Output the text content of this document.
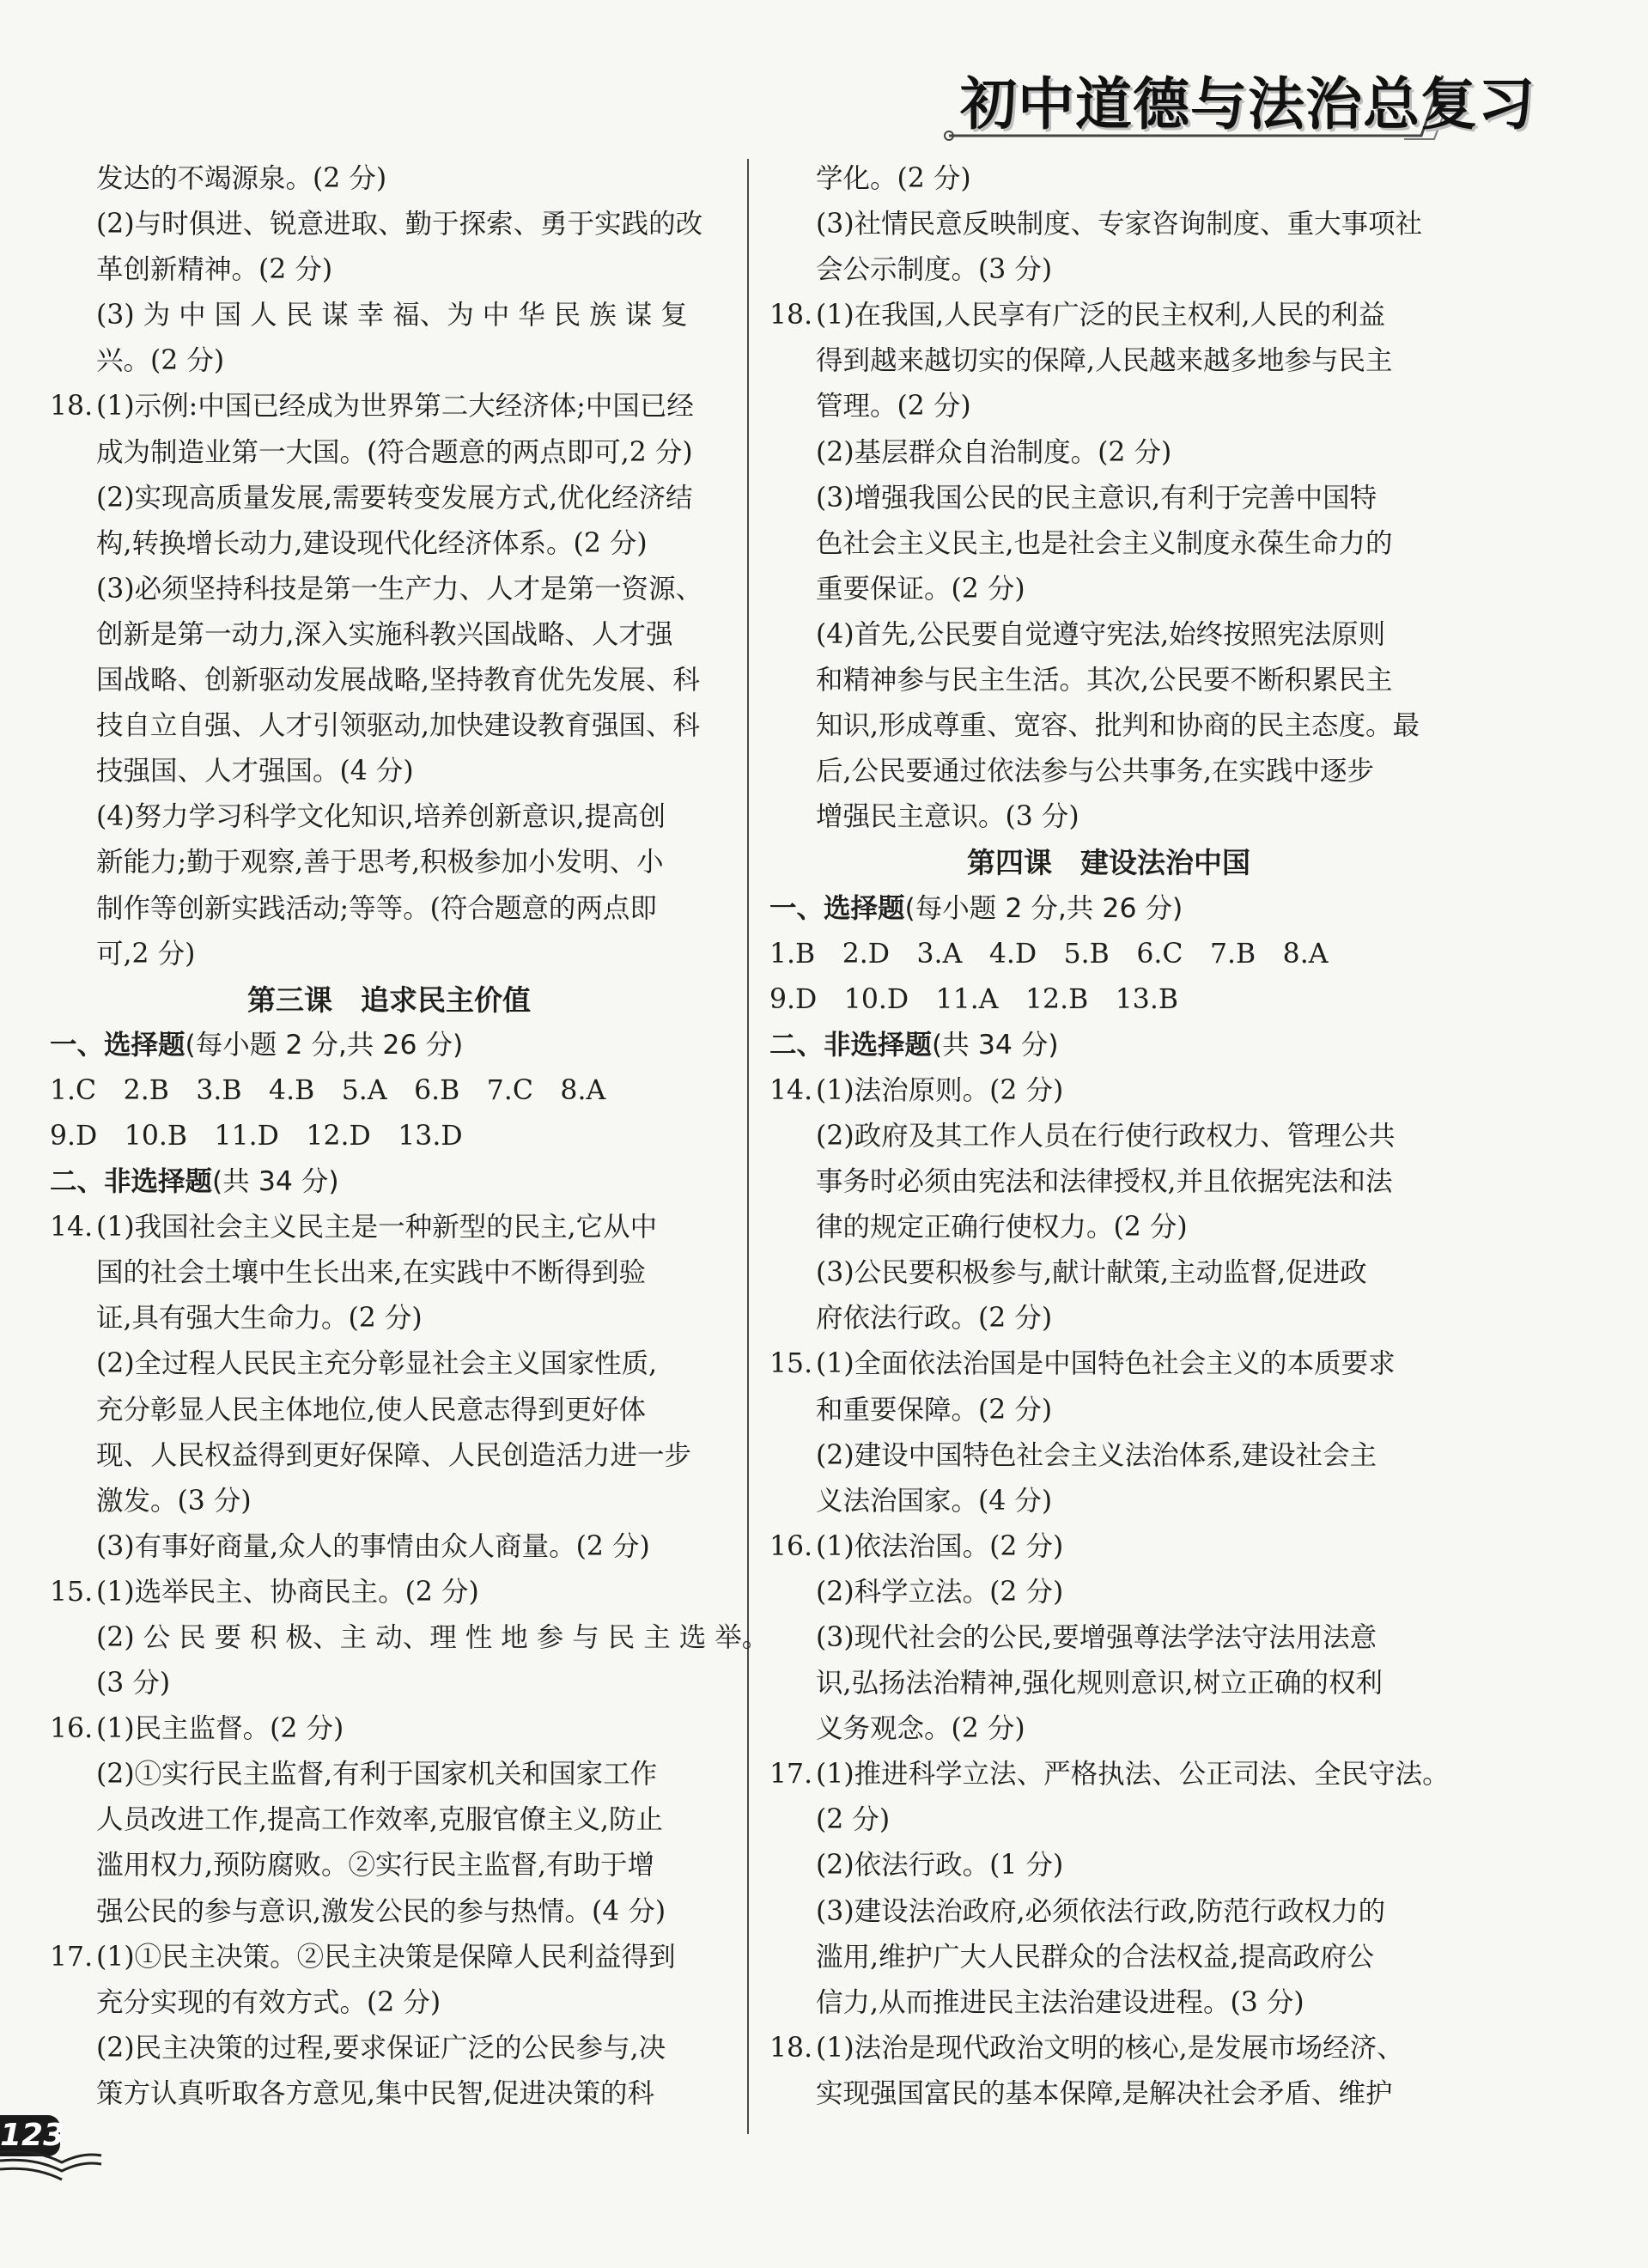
初中道德与法治总复习
发达的不竭源泉。(2 分)
(2)与时俱进、锐意进取、勤于探索、勇于实践的改
革创新精神。(2 分)
(3) 为 中 国 人 民 谋 幸 福、为 中 华 民 族 谋 复
兴。(2 分)
18. (1)示例:中国已经成为世界第二大经济体;中国已经
成为制造业第一大国。(符合题意的两点即可,2 分)
(2)实现高质量发展,需要转变发展方式,优化经济结
构,转换增长动力,建设现代化经济体系。(2 分)
(3)必须坚持科技是第一生产力、人才是第一资源、
创新是第一动力,深入实施科教兴国战略、人才强
国战略、创新驱动发展战略,坚持教育优先发展、科
技自立自强、人才引领驱动,加快建设教育强国、科
技强国、人才强国。(4 分)
(4)努力学习科学文化知识,培养创新意识,提高创
新能力;勤于观察,善于思考,积极参加小发明、小
制作等创新实践活动;等等。(符合题意的两点即
可,2 分)
第三课　追求民主价值
一、选择题(每小题 2 分,共 26 分)
1.C　2.B　3.B　4.B　5.A　6.B　7.C　8.A
9.D　10.B　11.D　12.D　13.D
二、非选择题(共 34 分)
14. (1)我国社会主义民主是一种新型的民主,它从中
国的社会土壤中生长出来,在实践中不断得到验
证,具有强大生命力。(2 分)
(2)全过程人民民主充分彰显社会主义国家性质,
充分彰显人民主体地位,使人民意志得到更好体
现、人民权益得到更好保障、人民创造活力进一步
激发。(3 分)
(3)有事好商量,众人的事情由众人商量。(2 分)
15. (1)选举民主、协商民主。(2 分)
(2) 公 民 要 积 极、主 动、理 性 地 参 与 民 主 选 举。
(3 分)
16. (1)民主监督。(2 分)
(2)①实行民主监督,有利于国家机关和国家工作
人员改进工作,提高工作效率,克服官僚主义,防止
滥用权力,预防腐败。②实行民主监督,有助于增
强公民的参与意识,激发公民的参与热情。(4 分)
17. (1)①民主决策。②民主决策是保障人民利益得到
充分实现的有效方式。(2 分)
(2)民主决策的过程,要求保证广泛的公民参与,决
策方认真听取各方意见,集中民智,促进决策的科
学化。(2 分)
(3)社情民意反映制度、专家咨询制度、重大事项社
会公示制度。(3 分)
18. (1)在我国,人民享有广泛的民主权利,人民的利益
得到越来越切实的保障,人民越来越多地参与民主
管理。(2 分)
(2)基层群众自治制度。(2 分)
(3)增强我国公民的民主意识,有利于完善中国特
色社会主义民主,也是社会主义制度永葆生命力的
重要保证。(2 分)
(4)首先,公民要自觉遵守宪法,始终按照宪法原则
和精神参与民主生活。其次,公民要不断积累民主
知识,形成尊重、宽容、批判和协商的民主态度。最
后,公民要通过依法参与公共事务,在实践中逐步
增强民主意识。(3 分)
第四课　建设法治中国
一、选择题(每小题 2 分,共 26 分)
1.B　2.D　3.A　4.D　5.B　6.C　7.B　8.A
9.D　10.D　11.A　12.B　13.B
二、非选择题(共 34 分)
14. (1)法治原则。(2 分)
(2)政府及其工作人员在行使行政权力、管理公共
事务时必须由宪法和法律授权,并且依据宪法和法
律的规定正确行使权力。(2 分)
(3)公民要积极参与,献计献策,主动监督,促进政
府依法行政。(2 分)
15. (1)全面依法治国是中国特色社会主义的本质要求
和重要保障。(2 分)
(2)建设中国特色社会主义法治体系,建设社会主
义法治国家。(4 分)
16. (1)依法治国。(2 分)
(2)科学立法。(2 分)
(3)现代社会的公民,要增强尊法学法守法用法意
识,弘扬法治精神,强化规则意识,树立正确的权利
义务观念。(2 分)
17. (1)推进科学立法、严格执法、公正司法、全民守法。
(2 分)
(2)依法行政。(1 分)
(3)建设法治政府,必须依法行政,防范行政权力的
滥用,维护广大人民群众的合法权益,提高政府公
信力,从而推进民主法治建设进程。(3 分)
18. (1)法治是现代政治文明的核心,是发展市场经济、
实现强国富民的基本保障,是解决社会矛盾、维护
123
